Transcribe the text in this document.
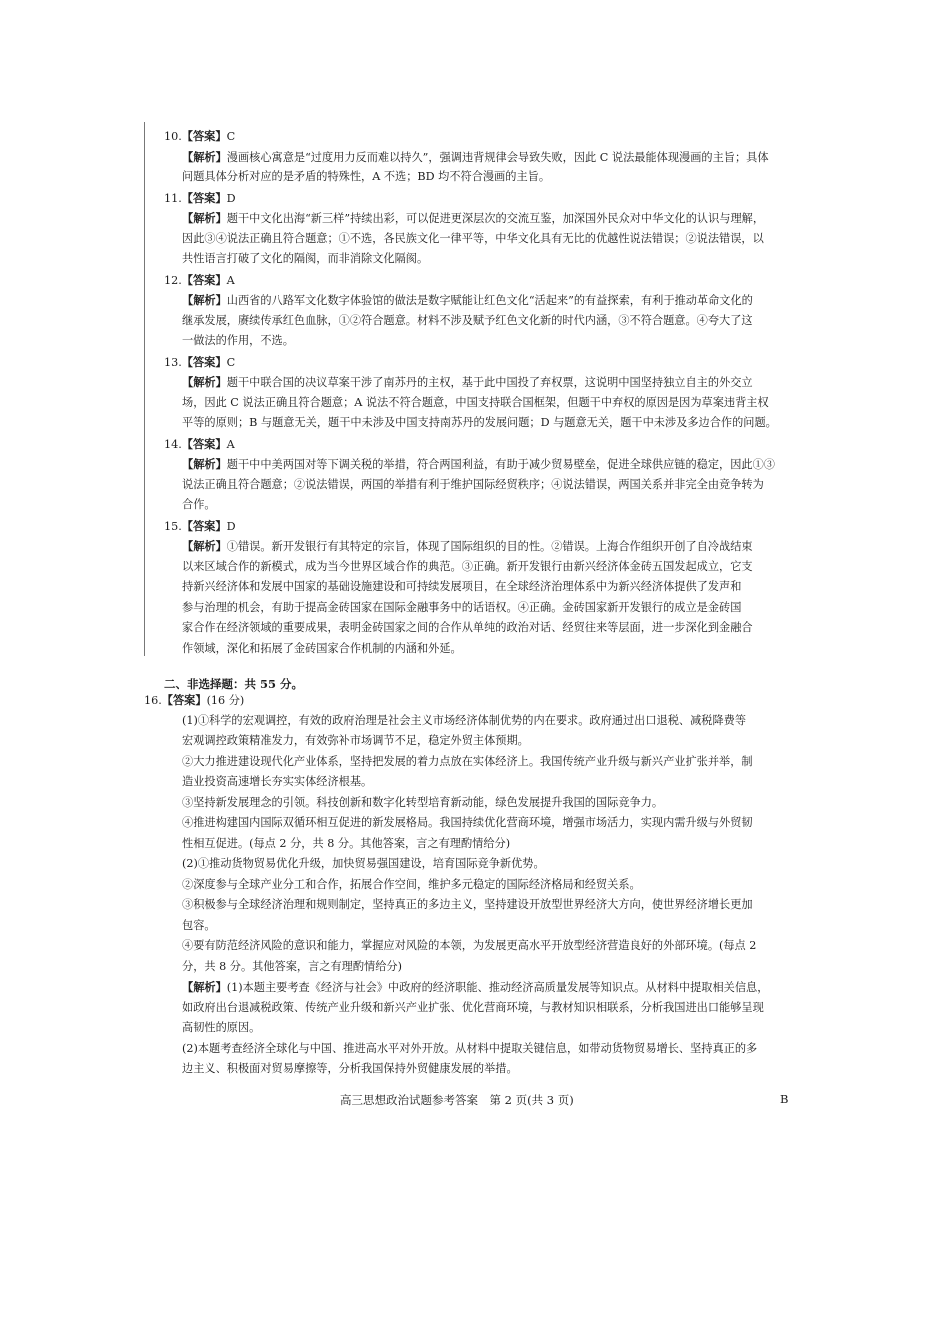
10.【答案】C
【解析】漫画核心寓意是“过度用力反而难以持久”，强调违背规律会导致失败，因此 C 说法最能体现漫画的主旨；具体
问题具体分析对应的是矛盾的特殊性，A 不选；BD 均不符合漫画的主旨。
11.【答案】D
【解析】题干中文化出海“新三样”持续出彩，可以促进更深层次的交流互鉴，加深国外民众对中华文化的认识与理解，
因此③④说法正确且符合题意；①不选，各民族文化一律平等，中华文化具有无比的优越性说法错误；②说法错误，以
共性语言打破了文化的隔阂，而非消除文化隔阂。
12.【答案】A
【解析】山西省的八路军文化数字体验馆的做法是数字赋能让红色文化“活起来”的有益探索，有利于推动革命文化的
继承发展，赓续传承红色血脉，①②符合题意。材料不涉及赋予红色文化新的时代内涵，③不符合题意。④夸大了这
一做法的作用，不选。
13.【答案】C
【解析】题干中联合国的决议草案干涉了南苏丹的主权，基于此中国投了弃权票，这说明中国坚持独立自主的外交立
场，因此 C 说法正确且符合题意；A 说法不符合题意，中国支持联合国框架，但题干中弃权的原因是因为草案违背主权
平等的原则；B 与题意无关，题干中未涉及中国支持南苏丹的发展问题；D 与题意无关，题干中未涉及多边合作的问题。
14.【答案】A
【解析】题干中中美两国对等下调关税的举措，符合两国利益，有助于减少贸易壁垒，促进全球供应链的稳定，因此①③
说法正确且符合题意；②说法错误，两国的举措有利于维护国际经贸秩序；④说法错误，两国关系并非完全由竞争转为
合作。
15.【答案】D
【解析】①错误。新开发银行有其特定的宗旨，体现了国际组织的目的性。②错误。上海合作组织开创了自冷战结束
以来区域合作的新模式，成为当今世界区域合作的典范。③正确。新开发银行由新兴经济体金砖五国发起成立，它支
持新兴经济体和发展中国家的基础设施建设和可持续发展项目，在全球经济治理体系中为新兴经济体提供了发声和
参与治理的机会，有助于提高金砖国家在国际金融事务中的话语权。④正确。金砖国家新开发银行的成立是金砖国
家合作在经济领域的重要成果，表明金砖国家之间的合作从单纯的政治对话、经贸往来等层面，进一步深化到金融合
作领域，深化和拓展了金砖国家合作机制的内涵和外延。
二、非选择题：共 55 分。
16.【答案】(16 分)
(1)①科学的宏观调控，有效的政府治理是社会主义市场经济体制优势的内在要求。政府通过出口退税、减税降费等
宏观调控政策精准发力，有效弥补市场调节不足，稳定外贸主体预期。
②大力推进建设现代化产业体系，坚持把发展的着力点放在实体经济上。我国传统产业升级与新兴产业扩张并举，制
造业投资高速增长夯实实体经济根基。
③坚持新发展理念的引领。科技创新和数字化转型培育新动能，绿色发展提升我国的国际竞争力。
④推进构建国内国际双循环相互促进的新发展格局。我国持续优化营商环境，增强市场活力，实现内需升级与外贸韧
性相互促进。(每点 2 分，共 8 分。其他答案，言之有理酌情给分)
(2)①推动货物贸易优化升级，加快贸易强国建设，培育国际竞争新优势。
②深度参与全球产业分工和合作，拓展合作空间，维护多元稳定的国际经济格局和经贸关系。
③积极参与全球经济治理和规则制定，坚持真正的多边主义，坚持建设开放型世界经济大方向，使世界经济增长更加
包容。
④要有防范经济风险的意识和能力，掌握应对风险的本领，为发展更高水平开放型经济营造良好的外部环境。(每点 2
分，共 8 分。其他答案，言之有理酌情给分)
【解析】(1)本题主要考查《经济与社会》中政府的经济职能、推动经济高质量发展等知识点。从材料中提取相关信息，
如政府出台退减税政策、传统产业升级和新兴产业扩张、优化营商环境，与教材知识相联系，分析我国进出口能够呈现
高韧性的原因。
(2)本题考查经济全球化与中国、推进高水平对外开放。从材料中提取关键信息，如带动货物贸易增长、坚持真正的多
边主义、积极面对贸易摩擦等，分析我国保持外贸健康发展的举措。
高三思想政治试题参考答案　第 2 页(共 3 页)	B
